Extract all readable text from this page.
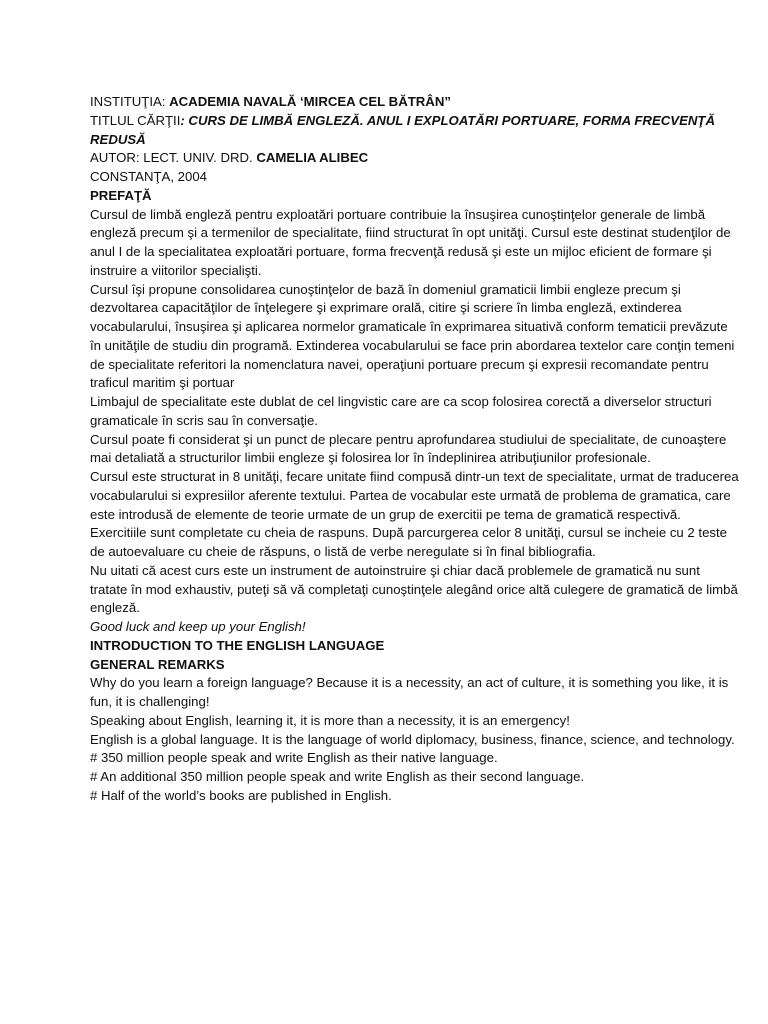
INSTITUŢIA: ACADEMIA NAVALĂ ‘MIRCEA CEL BĂTRÂN”

TITLUL CĂRŢII: CURS DE LIMBĂ ENGLEZĂ. ANUL I EXPLOATĂRI PORTUARE, FORMA FRECVENŢĂ REDUSĂ

AUTOR: LECT. UNIV. DRD. CAMELIA ALIBEC

CONSTANŢA, 2004

PREFAŢĂ

Cursul de limbă engleză pentru exploatări portuare contribuie la însuşirea cunoştinţelor generale de limbă engleză precum şi a termenilor de specialitate, fiind structurat în opt unităţi. Cursul este destinat studenţilor de anul I de la specialitatea exploatări portuare, forma frecvenţă redusă şi este un mijloc eficient de formare şi instruire a viitorilor specialişti.

Cursul îşi propune consolidarea cunoştinţelor de bază în domeniul gramaticii limbii engleze precum şi dezvoltarea capacităţilor de înţelegere şi exprimare orală, citire şi scriere în limba engleză, extinderea vocabularului, însuşirea şi aplicarea normelor gramaticale în exprimarea situativă conform tematicii prevăzute în unităţile de studiu din programă. Extinderea vocabularului se face prin abordarea textelor care conţin temeni de specialitate referitori la nomenclatura navei, operaţiuni portuare precum şi expresii recomandate pentru traficul maritim şi portuar

Limbajul de specialitate este dublat de cel lingvistic care are ca scop folosirea corectă a diverselor structuri gramaticale în scris sau în conversaţie.

Cursul poate fi considerat şi un punct de plecare pentru aprofundarea studiului de specialitate, de cunoaştere mai detaliată a structurilor limbii engleze şi folosirea lor în îndeplinirea atribuţiunilor profesionale.

Cursul este structurat in 8 unităţi, fecare unitate fiind compusă dintr-un text de specialitate, urmat de traducerea vocabularului si expresiilor aferente textului. Partea de vocabular este urmată de problema de gramatica, care este introdusă de elemente de teorie urmate de un grup de exercitii pe tema de gramatică respectivă. Exercitiile sunt completate cu cheia de raspuns. După parcurgerea celor 8 unităţi, cursul se incheie cu 2 teste de autoevaluare cu cheie de răspuns, o listă de verbe neregulate si în final bibliografia.

Nu uitati că acest curs este un instrument de autoinstruire şi chiar dacă problemele de gramatică nu sunt tratate în mod exhaustiv, puteţi să vă completaţi cunoştinţele alegând orice altă culegere de gramatică de limbă engleză.

Good luck and keep up your English!

INTRODUCTION TO THE ENGLISH LANGUAGE

GENERAL REMARKS

Why do you learn a foreign language? Because it is a necessity, an act of culture, it is something you like, it is fun, it is challenging!

Speaking about English, learning it, it is more than a necessity, it is an emergency!

English is a global language. It is the language of world diplomacy, business, finance, science, and technology.

# 350 million people speak and write English as their native language.

# An additional 350 million people speak and write English as their second language.

# Half of the world’s books are published in English.
